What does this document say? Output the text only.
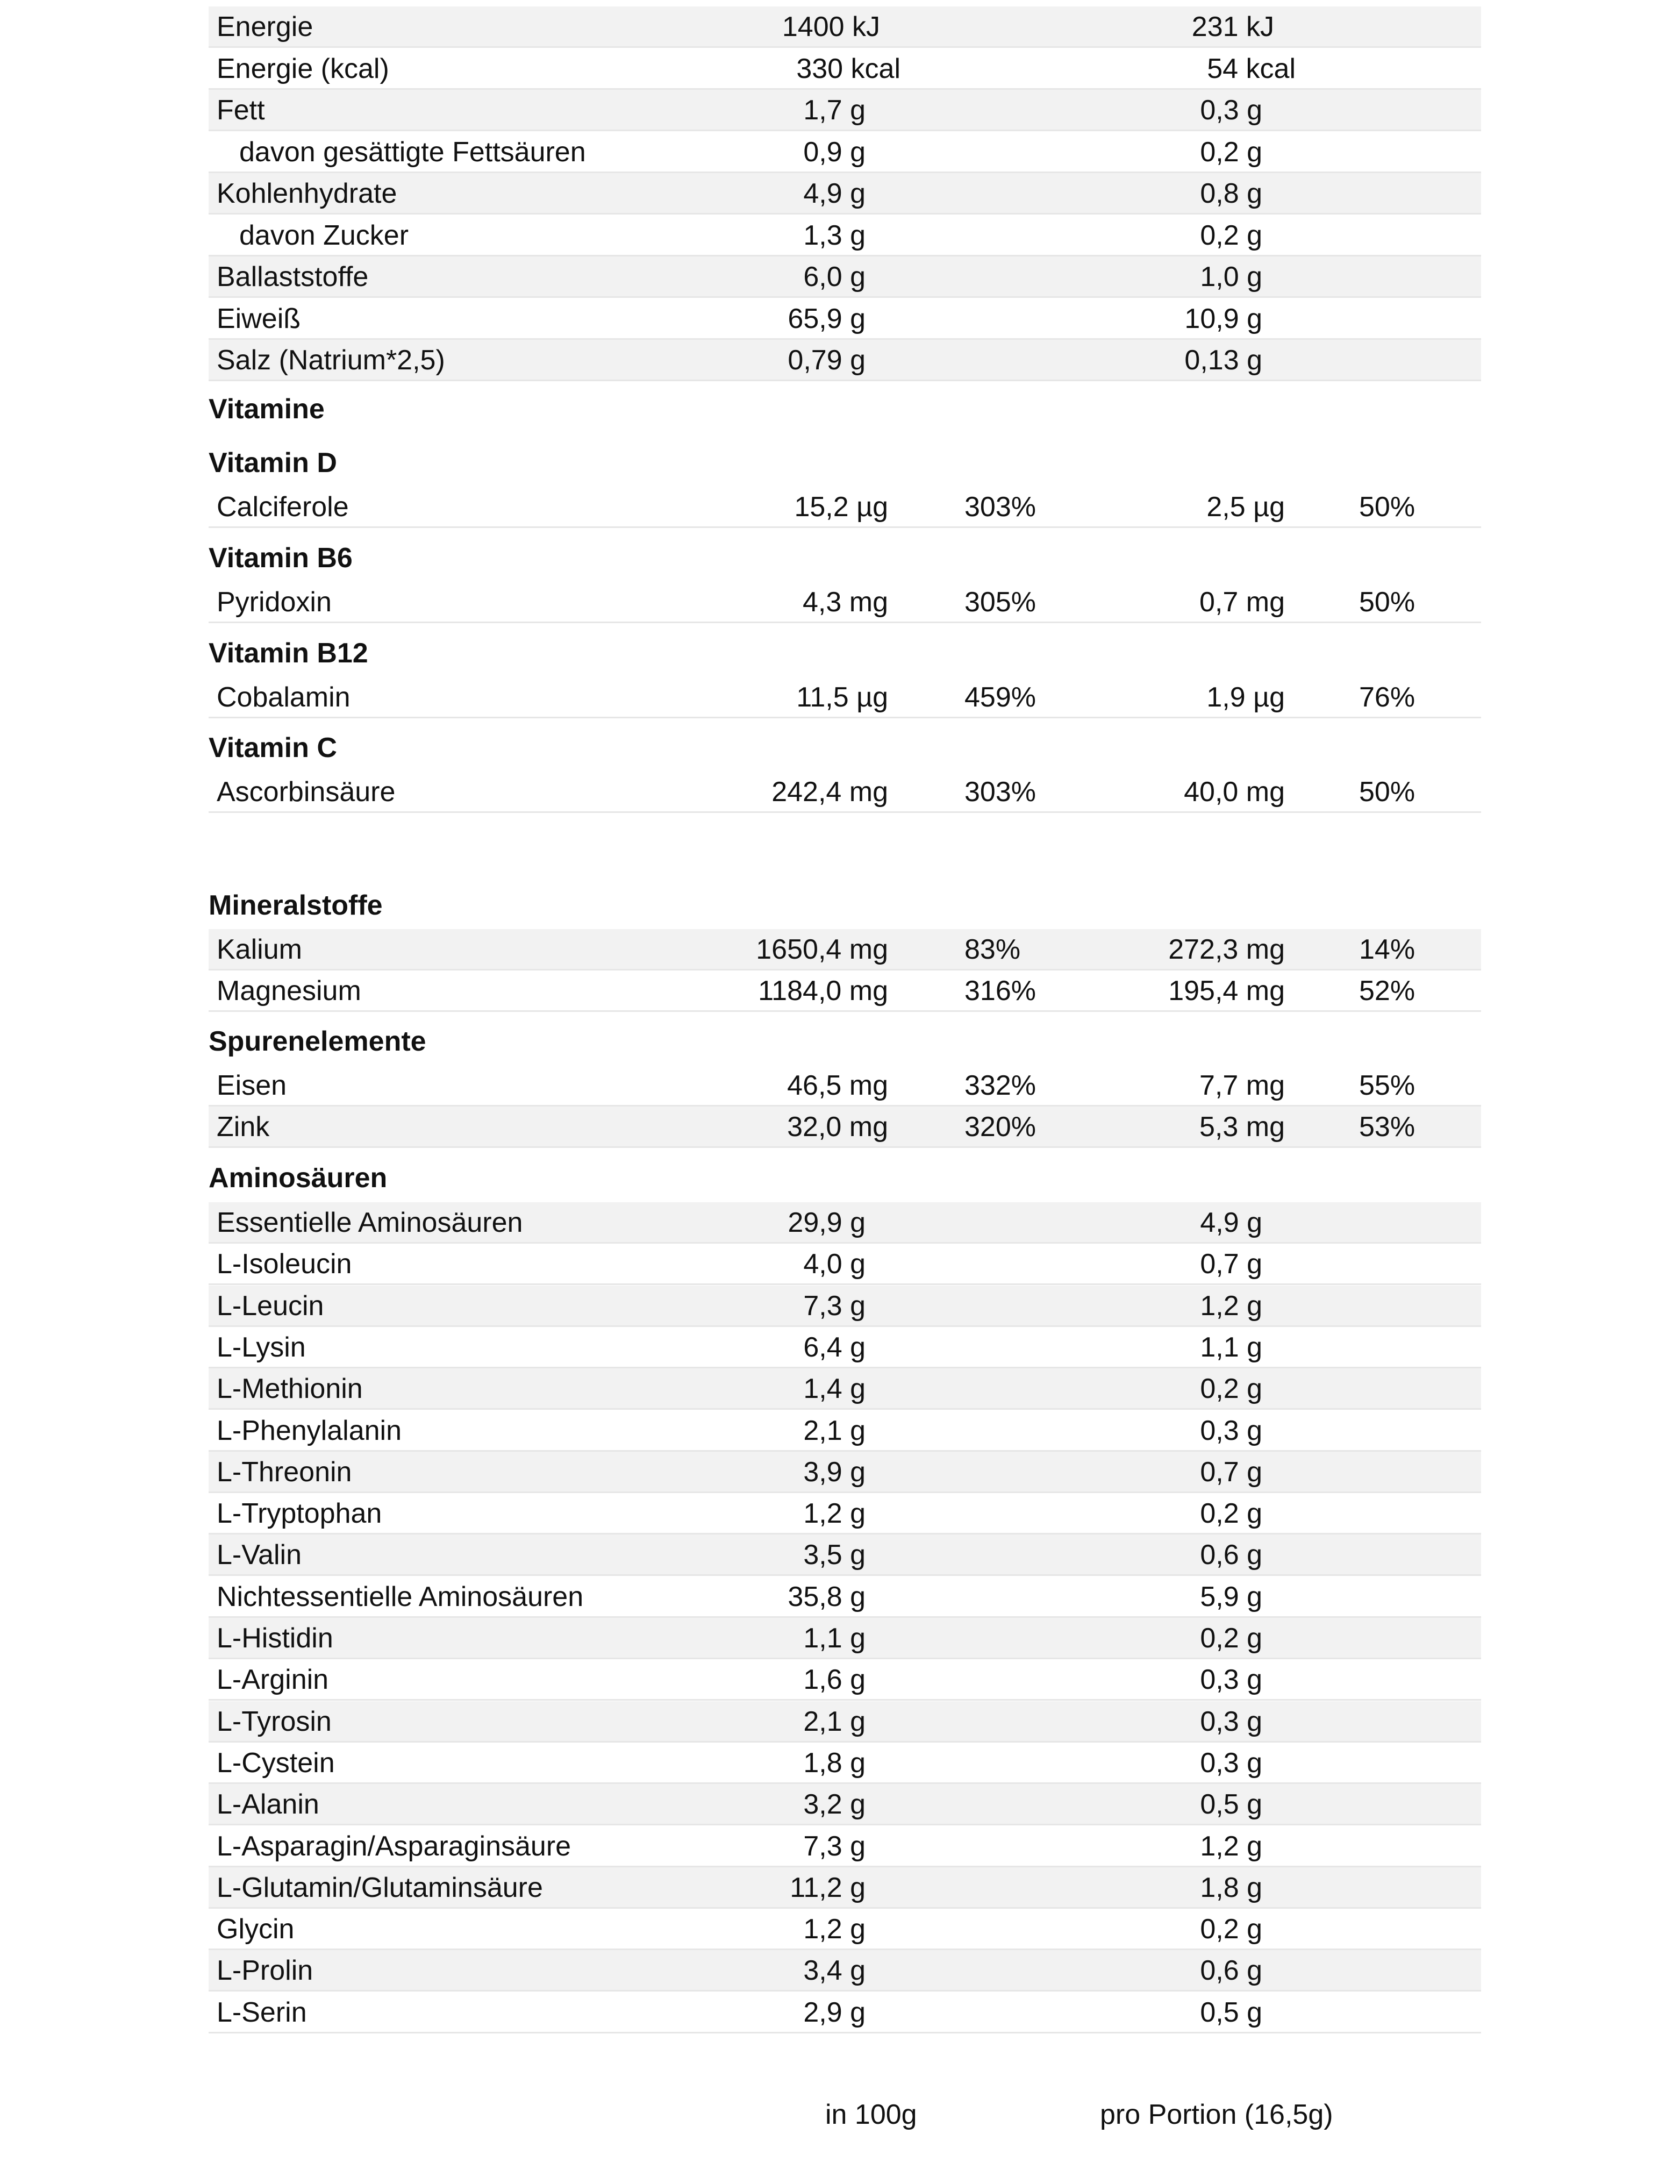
Energie	1400 kJ	231 kJ
Energie (kcal)	330 kcal	54 kcal
Fett	1,7 g	0,3 g
davon gesättigte Fettsäuren	0,9 g	0,2 g
Kohlenhydrate	4,9 g	0,8 g
davon Zucker	1,3 g	0,2 g
Ballaststoffe	6,0 g	1,0 g
Eiweiß	65,9 g	10,9 g
Salz (Natrium*2,5)	0,79 g	0,13 g
Vitamine
Vitamin D
Calciferole	15,2 µg	303%	2,5 µg	50%
Vitamin B6
Pyridoxin	4,3 mg	305%	0,7 mg	50%
Vitamin B12
Cobalamin	11,5 µg	459%	1,9 µg	76%
Vitamin C
Ascorbinsäure	242,4 mg	303%	40,0 mg	50%
Mineralstoffe
Kalium	1650,4 mg	83%	272,3 mg	14%
Magnesium	1184,0 mg	316%	195,4 mg	52%
Spurenelemente
Eisen	46,5 mg	332%	7,7 mg	55%
Zink	32,0 mg	320%	5,3 mg	53%
Aminosäuren
Essentielle Aminosäuren	29,9 g	4,9 g
L-Isoleucin	4,0 g	0,7 g
L-Leucin	7,3 g	1,2 g
L-Lysin	6,4 g	1,1 g
L-Methionin	1,4 g	0,2 g
L-Phenylalanin	2,1 g	0,3 g
L-Threonin	3,9 g	0,7 g
L-Tryptophan	1,2 g	0,2 g
L-Valin	3,5 g	0,6 g
Nichtessentielle Aminosäuren	35,8 g	5,9 g
L-Histidin	1,1 g	0,2 g
L-Arginin	1,6 g	0,3 g
L-Tyrosin	2,1 g	0,3 g
L-Cystein	1,8 g	0,3 g
L-Alanin	3,2 g	0,5 g
L-Asparagin/Asparaginsäure	7,3 g	1,2 g
L-Glutamin/Glutaminsäure	11,2 g	1,8 g
Glycin	1,2 g	0,2 g
L-Prolin	3,4 g	0,6 g
L-Serin	2,9 g	0,5 g
in 100g	pro Portion (16,5g)
